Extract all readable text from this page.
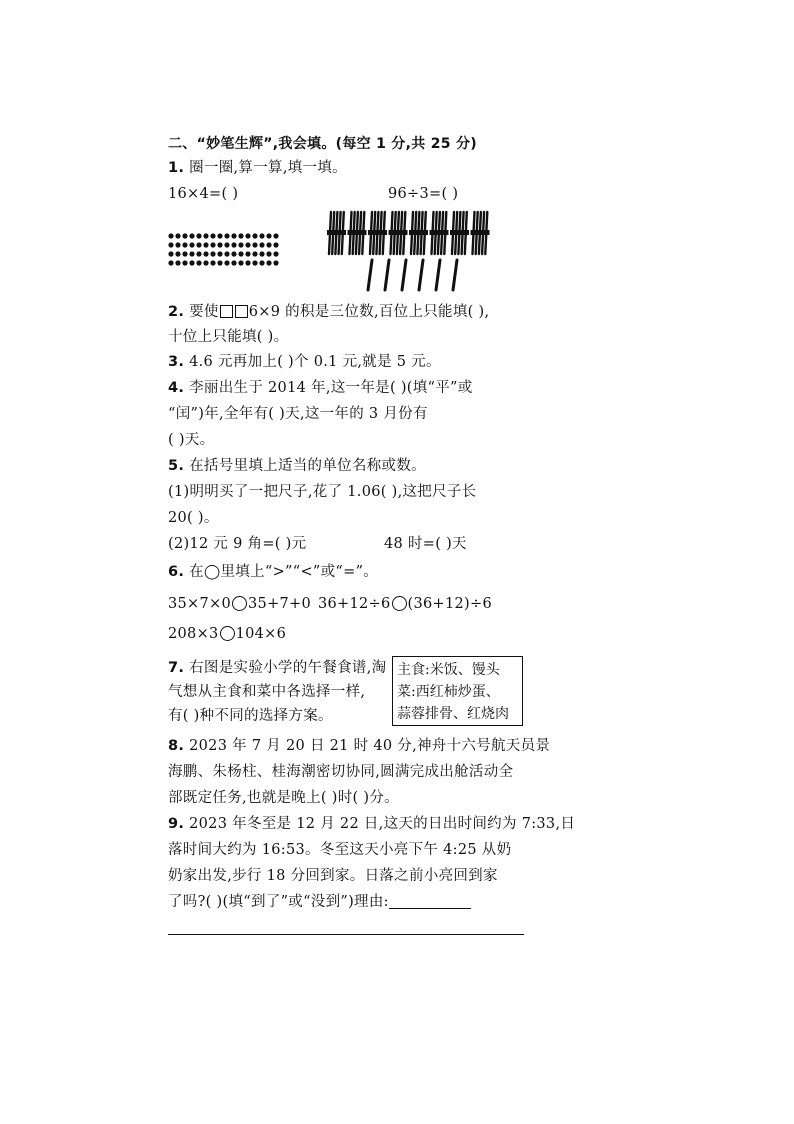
二、“妙笔生辉”,我会填。(每空 1 分,共 25 分)
1. 圈一圈,算一算,填一填。
16×4=( )	96÷3=( )
2. 要使 6×9 的积是三位数,百位上只能填( ),
十位上只能填( )。
3. 4.6 元再加上( )个 0.1 元,就是 5 元。
4. 李丽出生于 2014 年,这一年是( )(填“平”或
“闰”)年,全年有( )天,这一年的 3 月份有
( )天。
5. 在括号里填上适当的单位名称或数。
(1)明明买了一把尺子,花了 1.06( ),这把尺子长
20( )。
(2)12 元 9 角=( )元	48 时=( )天
6. 在◯里填上“>”“<”或“=”。
35×7×0 35+7+0 36+12÷6 (36+12)÷6
208×3 104×6
7. 右图是实验小学的午餐食谱,淘
气想从主食和菜中各选择一样,
有( )种不同的选择方案。
主食:米饭、馒头
菜:西红柿炒蛋、
蒜蓉排骨、红烧肉
8. 2023 年 7 月 20 日 21 时 40 分,神舟十六号航天员景
海鹏、朱杨柱、桂海潮密切协同,圆满完成出舱活动全
部既定任务,也就是晚上( )时( )分。
9. 2023 年冬至是 12 月 22 日,这天的日出时间约为 7:33,日
落时间大约为 16:53。冬至这天小亮下午 4:25 从奶
奶家出发,步行 18 分回到家。日落之前小亮回到家
了吗?( )(填“到了”或“没到”)理由:
